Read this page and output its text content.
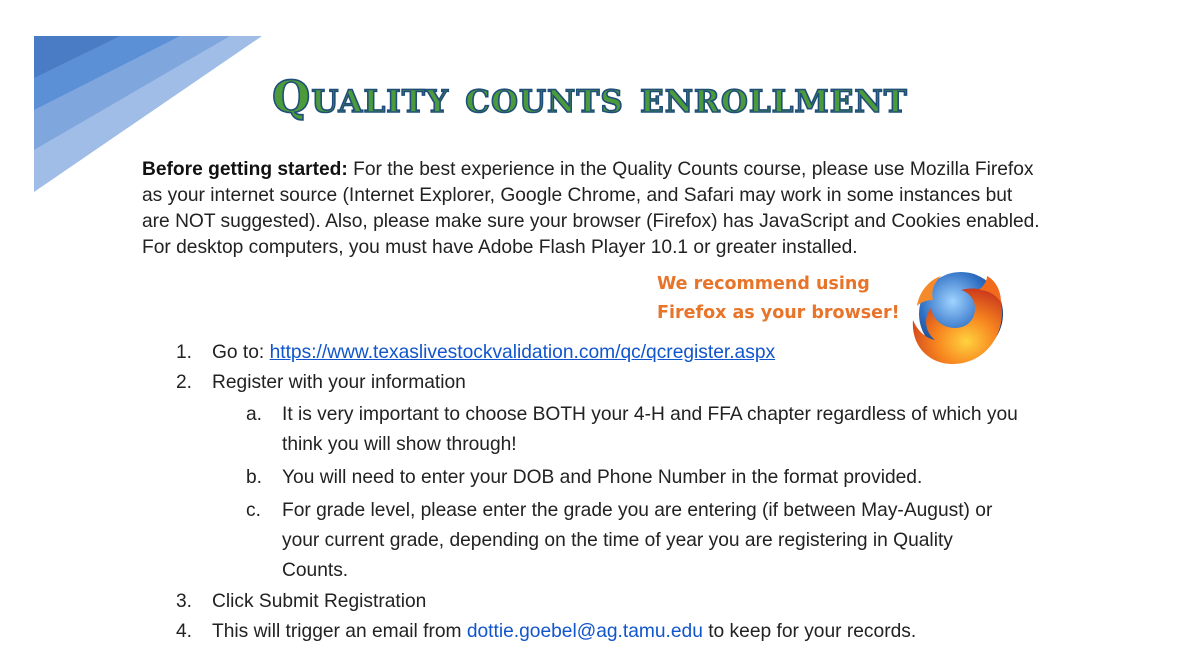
Quality counts enrollment
Before getting started: For the best experience in the Quality Counts course, please use Mozilla Firefox as your internet source (Internet Explorer, Google Chrome, and Safari may work in some instances but are NOT suggested). Also, please make sure your browser (Firefox) has JavaScript and Cookies enabled. For desktop computers, you must have Adobe Flash Player 10.1 or greater installed.
We recommend using
Firefox as your browser!
1.	Go to: https://www.texaslivestockvalidation.com/qc/qcregister.aspx
2.	Register with your information
a.	It is very important to choose BOTH your 4-H and FFA chapter regardless of which you think you will show through!
b.	You will need to enter your DOB and Phone Number in the format provided.
c.	For grade level, please enter the grade you are entering (if between May-August) or your current grade, depending on the time of year you are registering in Quality Counts.
3.	Click Submit Registration
4.	This will trigger an email from dottie.goebel@ag.tamu.edu to keep for your records.
